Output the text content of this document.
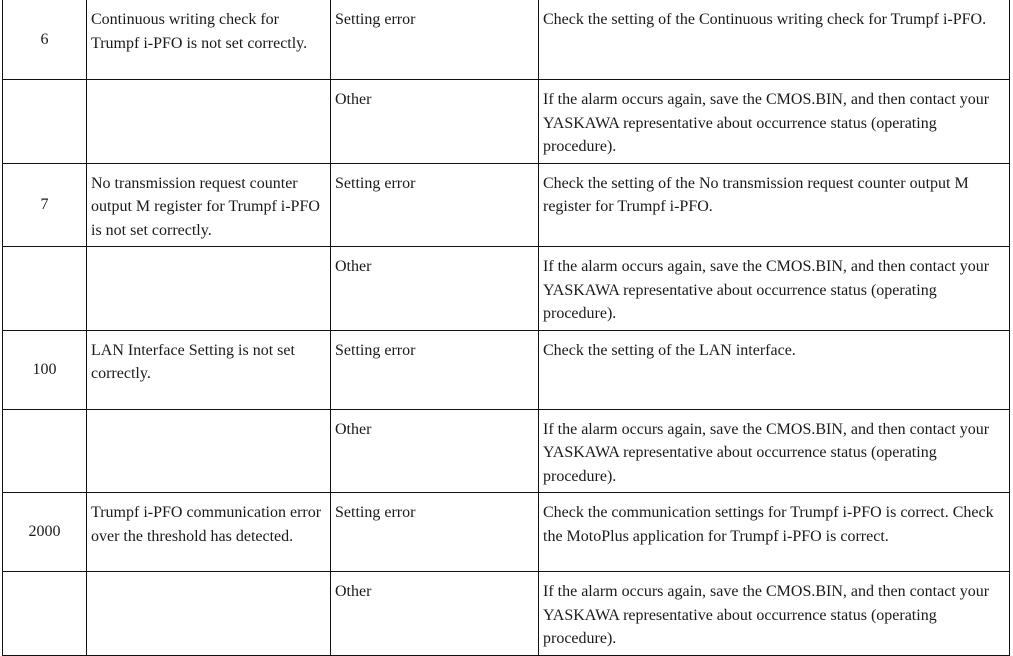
6	Continuous writing check for Trumpf i-PFO is not set correctly.	Setting error	Check the setting of the Continuous writing check for Trumpf i-PFO.
		Other	If the alarm occurs again, save the CMOS.BIN, and then contact your YASKAWA representative about occurrence status (operating procedure).
7	No transmission request counter output M register for Trumpf i-PFO is not set correctly.	Setting error	Check the setting of the No transmission request counter output M register for Trumpf i-PFO.
		Other	If the alarm occurs again, save the CMOS.BIN, and then contact your YASKAWA representative about occurrence status (operating procedure).
100	LAN Interface Setting is not set correctly.	Setting error	Check the setting of the LAN interface.
		Other	If the alarm occurs again, save the CMOS.BIN, and then contact your YASKAWA representative about occurrence status (operating procedure).
2000	Trumpf i-PFO communication error over the threshold has detected.	Setting error	Check the communication settings for Trumpf i-PFO is correct. Check the MotoPlus application for Trumpf i-PFO is correct.
		Other	If the alarm occurs again, save the CMOS.BIN, and then contact your YASKAWA representative about occurrence status (operating procedure).
